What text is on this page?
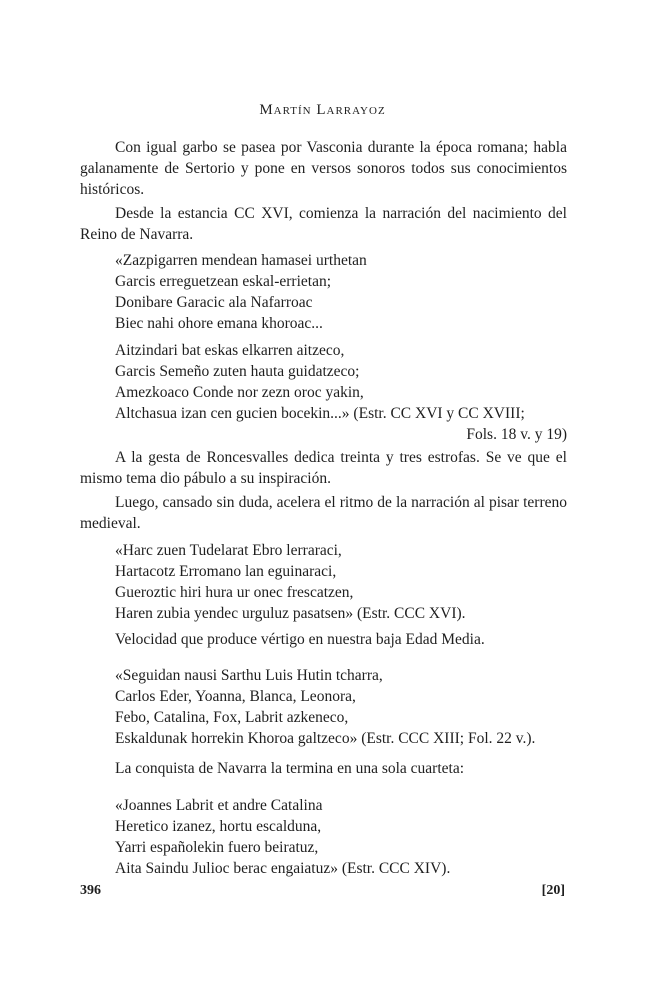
Martín Larrayoz

Con igual garbo se pasea por Vasconia durante la época romana; habla galanamente de Sertorio y pone en versos sonoros todos sus conocimientos históricos.

Desde la estancia CC XVI, comienza la narración del nacimiento del Reino de Navarra.

«Zazpigarren mendean hamasei urthetan
Garcis erreguetzean eskal-errietan;
Donibare Garacic ala Nafarroac
Biec nahi ohore emana khoroac...
Aitzindari bat eskas elkarren aitzeco,
Garcis Semeño zuten hauta guidatzeco;
Amezkoaco Conde nor zezn oroc yakin,
Altchasua izan cen gucien bocekin...» (Estr. CC XVI y CC XVIII;
Fols. 18 v. y 19)

A la gesta de Roncesvalles dedica treinta y tres estrofas. Se ve que el mismo tema dio pábulo a su inspiración.

Luego, cansado sin duda, acelera el ritmo de la narración al pisar terreno medieval.

«Harc zuen Tudelarat Ebro lerraraci,
Hartacotz Erromano lan eguinaraci,
Gueroztic hiri hura ur onec frescatzen,
Haren zubia yendec urguluz pasatsen» (Estr. CCC XVI).

Velocidad que produce vértigo en nuestra baja Edad Media.

«Seguidan nausi Sarthu Luis Hutin tcharra,
Carlos Eder, Yoanna, Blanca, Leonora,
Febo, Catalina, Fox, Labrit azkeneco,
Eskaldunak horrekin Khoroa galtzeco» (Estr. CCC XIII; Fol. 22 v.).

La conquista de Navarra la termina en una sola cuarteta:

«Joannes Labrit et andre Catalina
Heretico izanez, hortu escalduna,
Yarri españolekin fuero beiratuz,
Aita Saindu Julioc berac engaiatuz» (Estr. CCC XIV).
396	[20]
